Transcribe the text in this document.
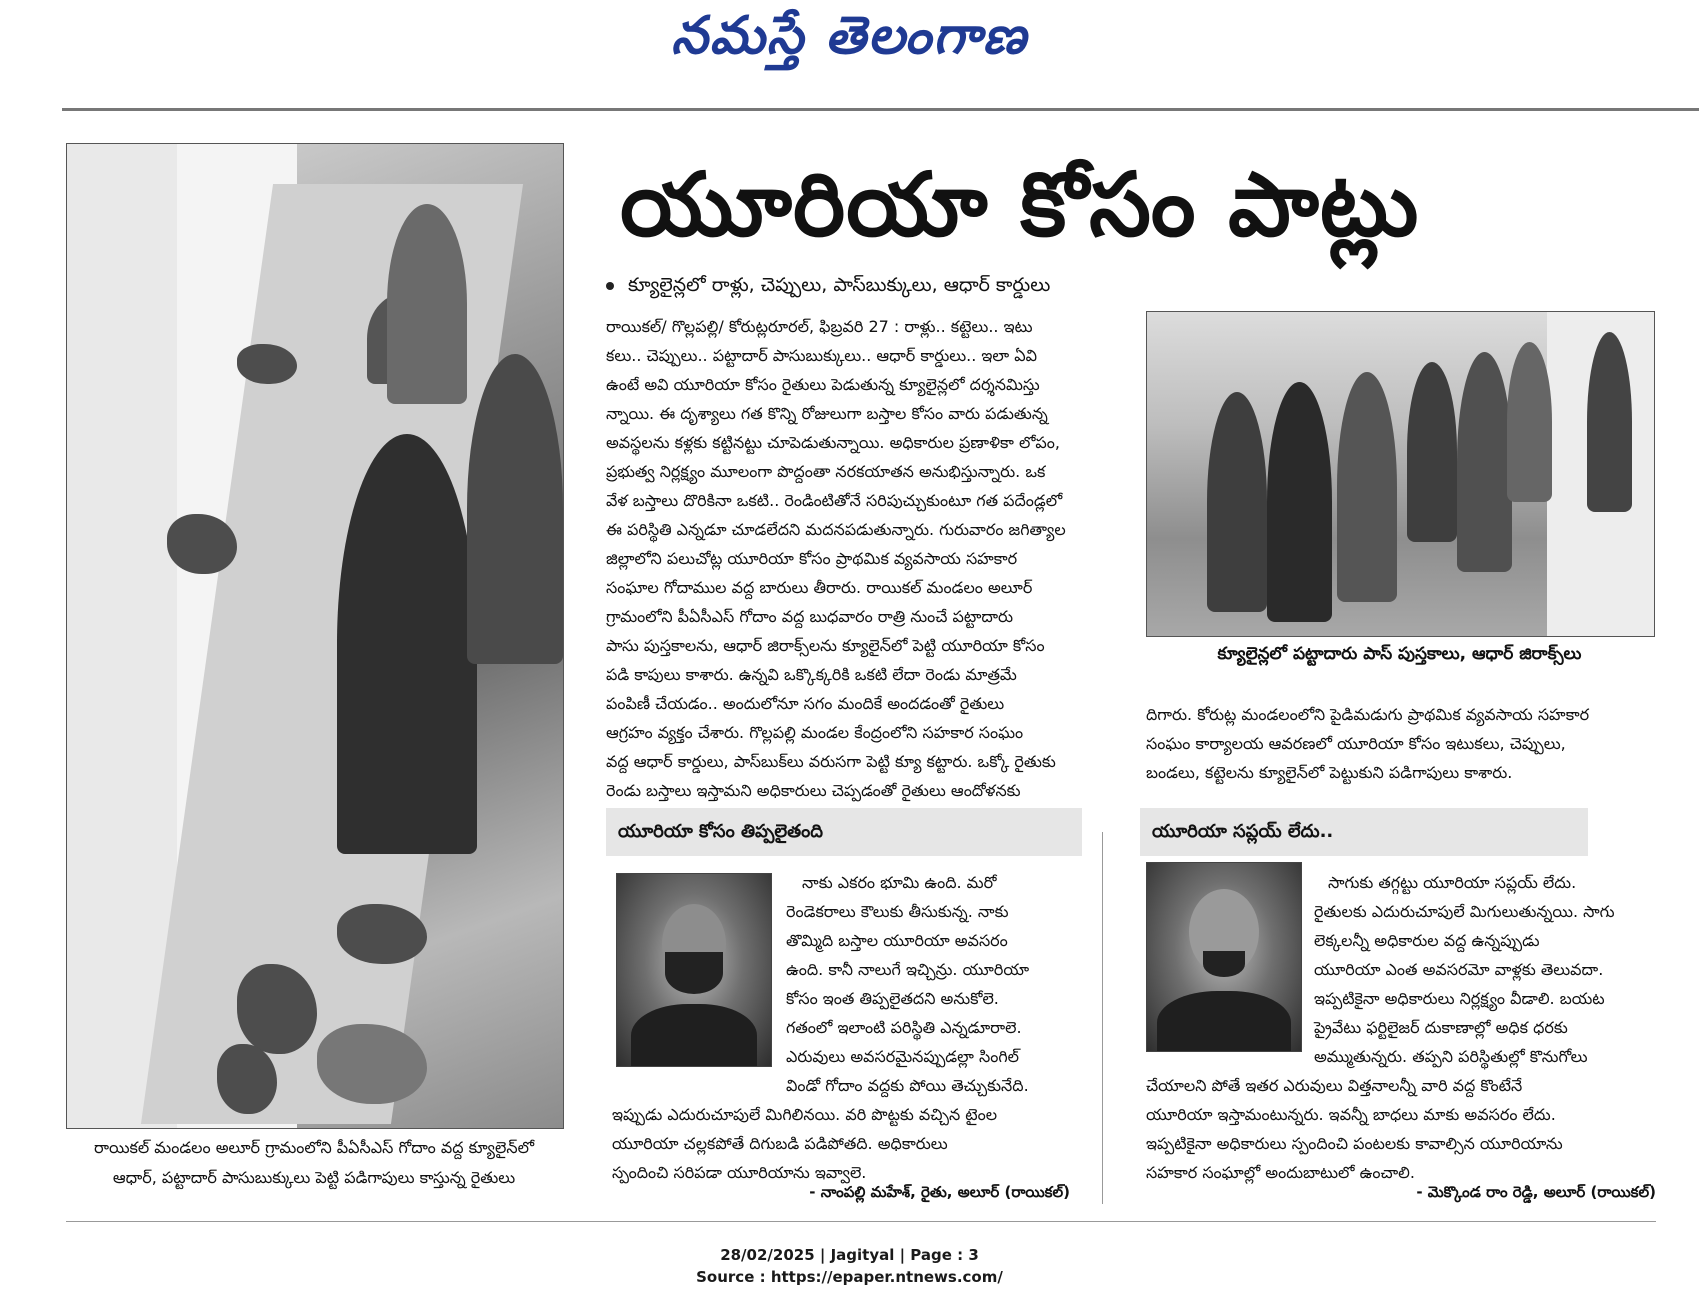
నమస్తే తెలంగాణ
రాయికల్ మండలం అలూర్ గ్రామంలోని పీఏసీఎస్ గోదాం వద్ద క్యూలైన్‌లో
ఆధార్, పట్టాదార్ పాసుబుక్కులు పెట్టి పడిగాపులు కాస్తున్న రైతులు
యూరియా కోసం పాట్లు
క్యూలైన్లలో రాళ్లు, చెప్పులు, పాస్‌బుక్కులు, ఆధార్ కార్డులు
రాయికల్/ గొల్లపల్లి/ కోరుట్లరూరల్, ఫిబ్రవరి 27 : రాళ్లు.. కట్టెలు.. ఇటు
కలు.. చెప్పులు.. పట్టాదార్ పాసుబుక్కులు.. ఆధార్ కార్డులు.. ఇలా ఏవి
ఉంటే అవి యూరియా కోసం రైతులు పెడుతున్న క్యూలైన్లలో దర్శనమిస్తు
న్నాయి. ఈ దృశ్యాలు గత కొన్ని రోజులుగా బస్తాల కోసం వారు పడుతున్న
అవస్థలను కళ్లకు కట్టినట్టు చూపెడుతున్నాయి. అధికారుల ప్రణాళికా లోపం,
ప్రభుత్వ నిర్లక్ష్యం మూలంగా పొద్దంతా నరకయాతన అనుభిస్తున్నారు. ఒక
వేళ బస్తాలు దొరికినా ఒకటి.. రెండింటితోనే సరిపుచ్చుకుంటూ గత పదేండ్లలో
ఈ పరిస్థితి ఎన్నడూ చూడలేదని మదనపడుతున్నారు. గురువారం జగిత్యాల
జిల్లాలోని పలుచోట్ల యూరియా కోసం ప్రాథమిక వ్యవసాయ సహకార
సంఘాల గోదాముల వద్ద బారులు తీరారు. రాయికల్ మండలం అలూర్
గ్రామంలోని పీఏసీఎస్ గోదాం వద్ద బుధవారం రాత్రి నుంచే పట్టాదారు
పాసు పుస్తకాలను, ఆధార్ జిరాక్స్‌లను క్యూలైన్‌లో పెట్టి యూరియా కోసం
పడి కాపులు కాశారు. ఉన్నవి ఒక్కొక్కరికి ఒకటి లేదా రెండు మాత్రమే
పంపిణీ చేయడం.. అందులోనూ సగం మందికే అందడంతో రైతులు
ఆగ్రహం వ్యక్తం చేశారు. గొల్లపల్లి మండల కేంద్రంలోని సహకార సంఘం
వద్ద ఆధార్ కార్డులు, పాస్‌బుక్‌లు వరుసగా పెట్టి క్యూ కట్టారు. ఒక్కో రైతుకు
రెండు బస్తాలు ఇస్తామని అధికారులు చెప్పడంతో రైతులు ఆందోళనకు
క్యూలైన్లలో పట్టాదారు పాస్ పుస్తకాలు, ఆధార్ జిరాక్స్‌లు
దిగారు. కోరుట్ల మండలంలోని పైడిమడుగు ప్రాథమిక వ్యవసాయ సహకార
సంఘం కార్యాలయ ఆవరణలో యూరియా కోసం ఇటుకలు, చెప్పులు,
బండలు, కట్టెలను క్యూలైన్‌లో పెట్టుకుని పడిగాపులు కాశారు.
యూరియా కోసం తిప్పలైతంది
నాకు ఎకరం భూమి ఉంది. మరో
రెండెకరాలు కౌలుకు తీసుకున్న. నాకు
తొమ్మిది బస్తాల యూరియా అవసరం
ఉంది. కానీ నాలుగే ఇచ్చిన్రు. యూరియా
కోసం ఇంత తిప్పలైతదని అనుకోలె.
గతంలో ఇలాంటి పరిస్థితి ఎన్నడూరాలె.
ఎరువులు అవసరమైనప్పుడల్లా సింగిల్
విండో గోదాం వద్దకు పోయి తెచ్చుకునేది.
ఇప్పుడు ఎదురుచూపులే మిగిలినయి. వరి పొట్టకు వచ్చిన టైంల
యూరియా చల్లకపోతే దిగుబడి పడిపోతది. అధికారులు
స్పందించి సరిపడా యూరియాను ఇవ్వాలె.
- నాంపల్లి మహేశ్, రైతు, అలూర్ (రాయికల్)
యూరియా సప్లయ్ లేదు..
సాగుకు తగ్గట్టు యూరియా సప్లయ్ లేదు.
రైతులకు ఎదురుచూపులే మిగులుతున్నయి. సాగు
లెక్కలన్నీ అధికారుల వద్ద ఉన్నప్పుడు
యూరియా ఎంత అవసరమో వాళ్లకు తెలువదా.
ఇప్పటికైనా అధికారులు నిర్లక్ష్యం వీడాలి. బయట
ప్రైవేటు ఫర్టిలైజర్ దుకాణాల్లో అధిక ధరకు
అమ్ముతున్నరు. తప్పని పరిస్థితుల్లో కొనుగోలు
చేయాలని పోతే ఇతర ఎరువులు విత్తనాలన్నీ వారి వద్ద కొంటేనే
యూరియా ఇస్తామంటున్నరు. ఇవన్నీ బాధలు మాకు అవసరం లేదు.
ఇప్పటికైనా అధికారులు స్పందించి పంటలకు కావాల్సిన యూరియాను
సహకార సంఘాల్లో అందుబాటులో ఉంచాలి.
- మెక్కొండ రాం రెడ్డి, అలూర్ (రాయికల్)
28/02/2025 | Jagityal | Page : 3
Source : https://epaper.ntnews.com/
